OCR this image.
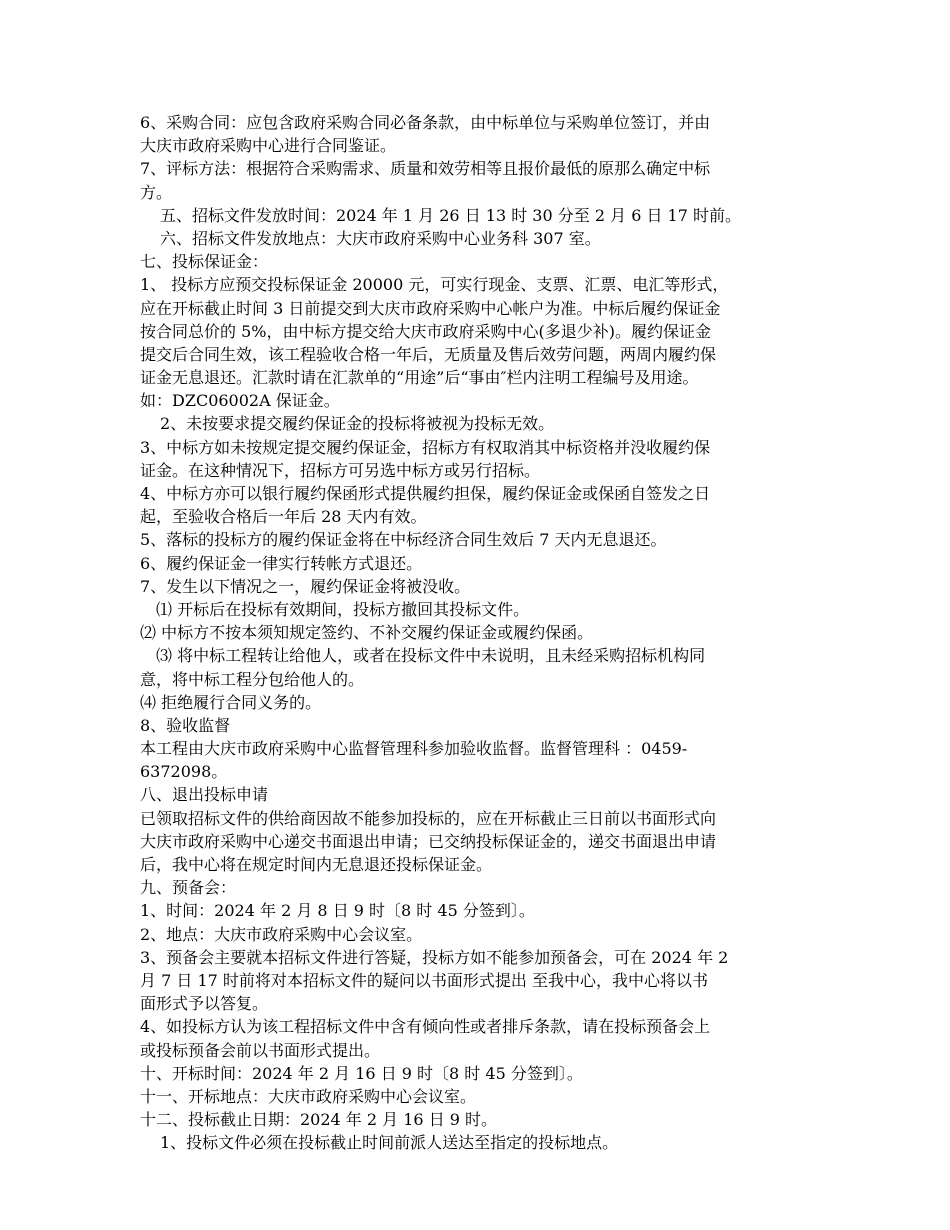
6、采购合同：应包含政府采购合同必备条款，由中标单位与采购单位签订，并由
大庆市政府采购中心进行合同鉴证。
7、评标方法：根据符合采购需求、质量和效劳相等且报价最低的原那么确定中标
方。
五、招标文件发放时间：2024 年 1 月 26 日 13 时 30 分至 2 月 6 日 17 时前。
六、招标文件发放地点：大庆市政府采购中心业务科 307 室。
七、投标保证金：
1、 投标方应预交投标保证金 20000 元，可实行现金、支票、汇票、电汇等形式，
应在开标截止时间 3 日前提交到大庆市政府采购中心帐户为准。中标后履约保证金
按合同总价的 5%，由中标方提交给大庆市政府采购中心(多退少补)。履约保证金
提交后合同生效，该工程验收合格一年后，无质量及售后效劳问题，两周内履约保
证金无息退还。汇款时请在汇款单的“用途”后“事由″栏内注明工程编号及用途。
如：DZC06002A 保证金。
2、未按要求提交履约保证金的投标将被视为投标无效。
3、中标方如未按规定提交履约保证金，招标方有权取消其中标资格并没收履约保
证金。在这种情况下，招标方可另选中标方或另行招标。
4、中标方亦可以银行履约保函形式提供履约担保，履约保证金或保函自签发之日
起，至验收合格后一年后 28 天内有效。
5、落标的投标方的履约保证金将在中标经济合同生效后 7 天内无息退还。
6、履约保证金一律实行转帐方式退还。
7、发生以下情况之一，履约保证金将被没收。
⑴ 开标后在投标有效期间，投标方撤回其投标文件。
⑵ 中标方不按本须知规定签约、不补交履约保证金或履约保函。
⑶ 将中标工程转让给他人，或者在投标文件中未说明，且未经采购招标机构同
意，将中标工程分包给他人的。
⑷ 拒绝履行合同义务的。
8、验收监督
本工程由大庆市政府采购中心监督管理科参加验收监督。监督管理科 ：0459-
6372098。
八、退出投标申请
已领取招标文件的供给商因故不能参加投标的，应在开标截止三日前以书面形式向
大庆市政府采购中心递交书面退出申请；已交纳投标保证金的，递交书面退出申请
后，我中心将在规定时间内无息退还投标保证金。
九、预备会：
1、时间：2024 年 2 月 8 日 9 时〔8 时 45 分签到〕。
2、地点：大庆市政府采购中心会议室。
3、预备会主要就本招标文件进行答疑，投标方如不能参加预备会，可在 2024 年 2
月 7 日 17 时前将对本招标文件的疑问以书面形式提出 至我中心，我中心将以书
面形式予以答复。
4、如投标方认为该工程招标文件中含有倾向性或者排斥条款，请在投标预备会上
或投标预备会前以书面形式提出。
十、开标时间：2024 年 2 月 16 日 9 时〔8 时 45 分签到〕。
十一、开标地点：大庆市政府采购中心会议室。
十二、投标截止日期：2024 年 2 月 16 日 9 时。
1、投标文件必须在投标截止时间前派人送达至指定的投标地点。
